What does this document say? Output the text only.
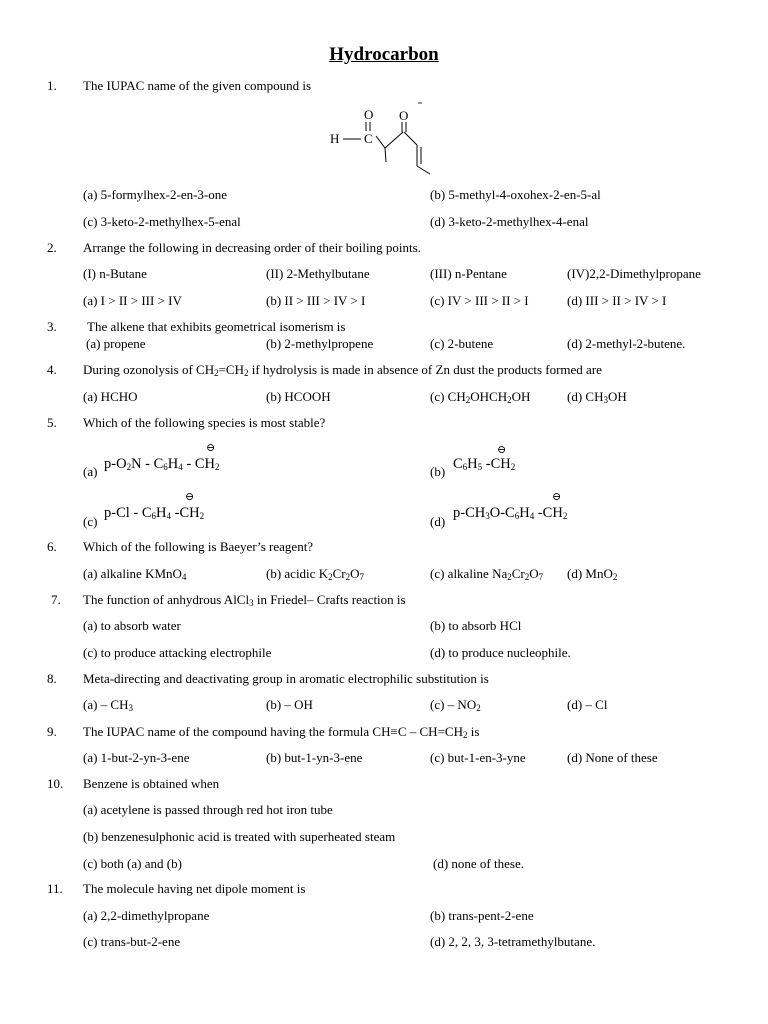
Hydrocarbon
1. The IUPAC name of the given compound is
O O
H C
(a) 5-formylhex-2-en-3-one	(b) 5-methyl-4-oxohex-2-en-5-al
(c) 3-keto-2-methylhex-5-enal	(d) 3-keto-2-methylhex-4-enal
2. Arrange the following in decreasing order of their boiling points.
(I) n-Butane	(II) 2-Methylbutane	(III) n-Pentane	(IV)2,2-Dimethylpropane
(a) I > II > III > IV	(b) II > III > IV > I	(c) IV > III > II > I	(d) III > II > IV > I
3. The alkene that exhibits geometrical isomerism is
(a) propene	(b) 2-methylpropene	(c) 2-butene	(d) 2-methyl-2-butene.
4. During ozonolysis of $CH_2=CH_2$ if hydrolysis is made in absence of Zn dust the products formed are
(a) HCHO	(b) HCOOH	(c) $CH_2OHCH_2OH$	(d) $CH_3OH$
5. Which of the following species is most stable?
⊖
(a) $p-O_2N - C_6H_4 - CH_2$
⊖
(b) $C_6H_5$ $-CH_2$
⊖
(c)
$p-Cl - C_6H_4$ $-CH_2$
⊖
(d)
$p-CH_3O-C_6H_4$ $-CH_2$
6. Which of the following is Baeyer’s reagent?
(a) alkaline KMnO$_4$	(b) acidic $K_2Cr_2O_7$	(c) alkaline $Na_2Cr_2O_7$ (d) MnO$_2$
7. The function of anhydrous AlCl$_3$ in Friedel– Crafts reaction is
(a) to absorb water	(b) to absorb HCl
(c) to produce attacking electrophile	(d) to produce nucleophile.
8. Meta-directing and deactivating group in aromatic electrophilic substitution is
$(a) - CH_3$	(b) – OH	$(c) - NO_2$	(d) – Cl
9. The IUPAC name of the compound having the formula $CH\equiv C - CH=CH_2$ is
(a) 1-but-2-yn-3-ene	(b) but-1-yn-3-ene	(c) but-1-en-3-yne	(d) None of these
10. Benzene is obtained when
(a) acetylene is passed through red hot iron tube
(b) benzenesulphonic acid is treated with superheated steam
(c) both (a) and (b)	(d) none of these.
11. The molecule having net dipole moment is
(a) 2,2-dimethylpropane	(b) trans-pent-2-ene
(c) trans-but-2-ene	(d) 2, 2, 3, 3-tetramethylbutane.
